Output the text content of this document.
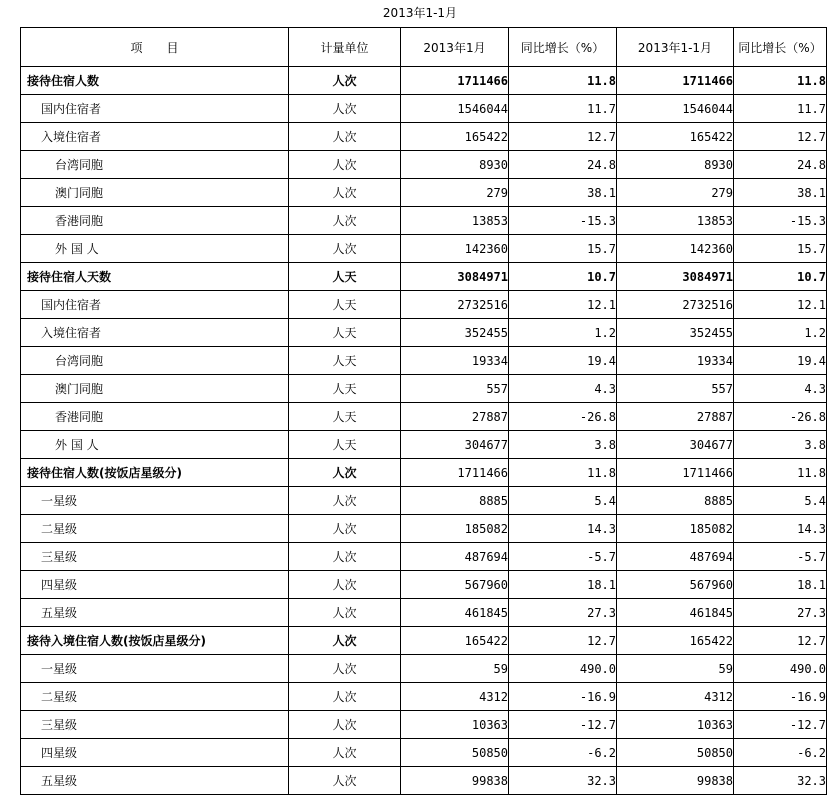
2013年1-1月
项　　目	计量单位	2013年1月	同比增长（%）	2013年1-1月	同比增长（%）
接待住宿人数	人次	1711466	11.8	1711466	11.8
国内住宿者	人次	1546044	11.7	1546044	11.7
入境住宿者	人次	165422	12.7	165422	12.7
台湾同胞	人次	8930	24.8	8930	24.8
澳门同胞	人次	279	38.1	279	38.1
香港同胞	人次	13853	-15.3	13853	-15.3
外 国 人	人次	142360	15.7	142360	15.7
接待住宿人天数	人天	3084971	10.7	3084971	10.7
国内住宿者	人天	2732516	12.1	2732516	12.1
入境住宿者	人天	352455	1.2	352455	1.2
台湾同胞	人天	19334	19.4	19334	19.4
澳门同胞	人天	557	4.3	557	4.3
香港同胞	人天	27887	-26.8	27887	-26.8
外 国 人	人天	304677	3.8	304677	3.8
接待住宿人数(按饭店星级分)	人次	1711466	11.8	1711466	11.8
一星级	人次	8885	5.4	8885	5.4
二星级	人次	185082	14.3	185082	14.3
三星级	人次	487694	-5.7	487694	-5.7
四星级	人次	567960	18.1	567960	18.1
五星级	人次	461845	27.3	461845	27.3
接待入境住宿人数(按饭店星级分)	人次	165422	12.7	165422	12.7
一星级	人次	59	490.0	59	490.0
二星级	人次	4312	-16.9	4312	-16.9
三星级	人次	10363	-12.7	10363	-12.7
四星级	人次	50850	-6.2	50850	-6.2
五星级	人次	99838	32.3	99838	32.3
